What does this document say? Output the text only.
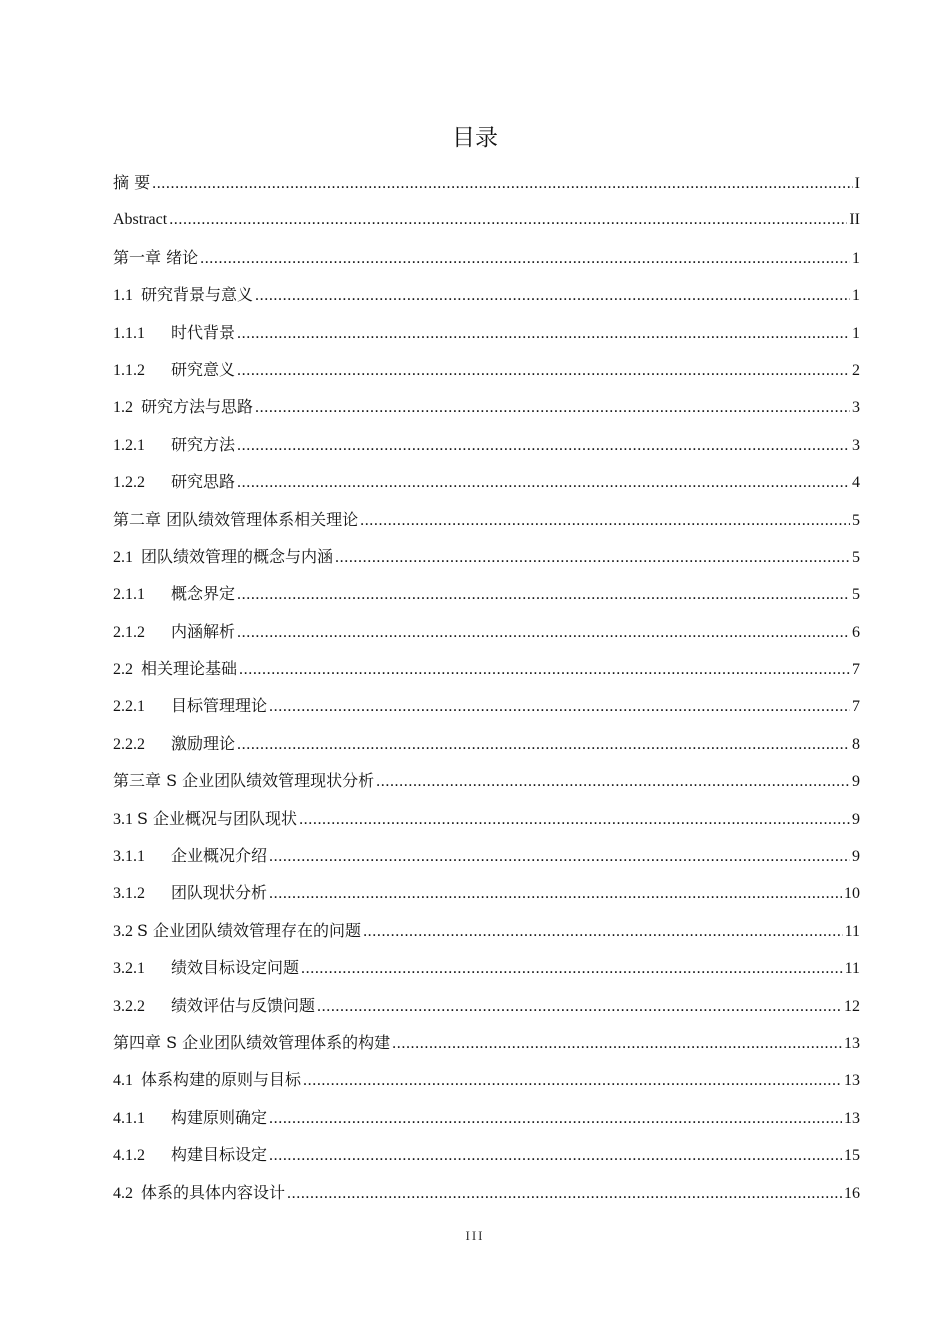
目录
摘 要 .....	I
Abstract .....	II
第一章 绪论 .....	1
1.1 研究背景与意义 .....	1
1.1.1 时代背景 .....	1
1.1.2 研究意义 .....	2
1.2 研究方法与思路 .....	3
1.2.1 研究方法 .....	3
1.2.2 研究思路 .....	4
第二章 团队绩效管理体系相关理论 .....	5
2.1 团队绩效管理的概念与内涵 .....	5
2.1.1 概念界定 .....	5
2.1.2 内涵解析 .....	6
2.2 相关理论基础 .....	7
2.2.1 目标管理理论 .....	7
2.2.2 激励理论 .....	8
第三章 S 企业团队绩效管理现状分析 .....	9
3.1 S 企业概况与团队现状 .....	9
3.1.1 企业概况介绍 .....	9
3.1.2 团队现状分析 .....	10
3.2 S 企业团队绩效管理存在的问题 .....	11
3.2.1 绩效目标设定问题 .....	11
3.2.2 绩效评估与反馈问题 .....	12
第四章 S 企业团队绩效管理体系的构建 .....	13
4.1 体系构建的原则与目标 .....	13
4.1.1 构建原则确定 .....	13
4.1.2 构建目标设定 .....	15
4.2 体系的具体内容设计 .....	16
III
